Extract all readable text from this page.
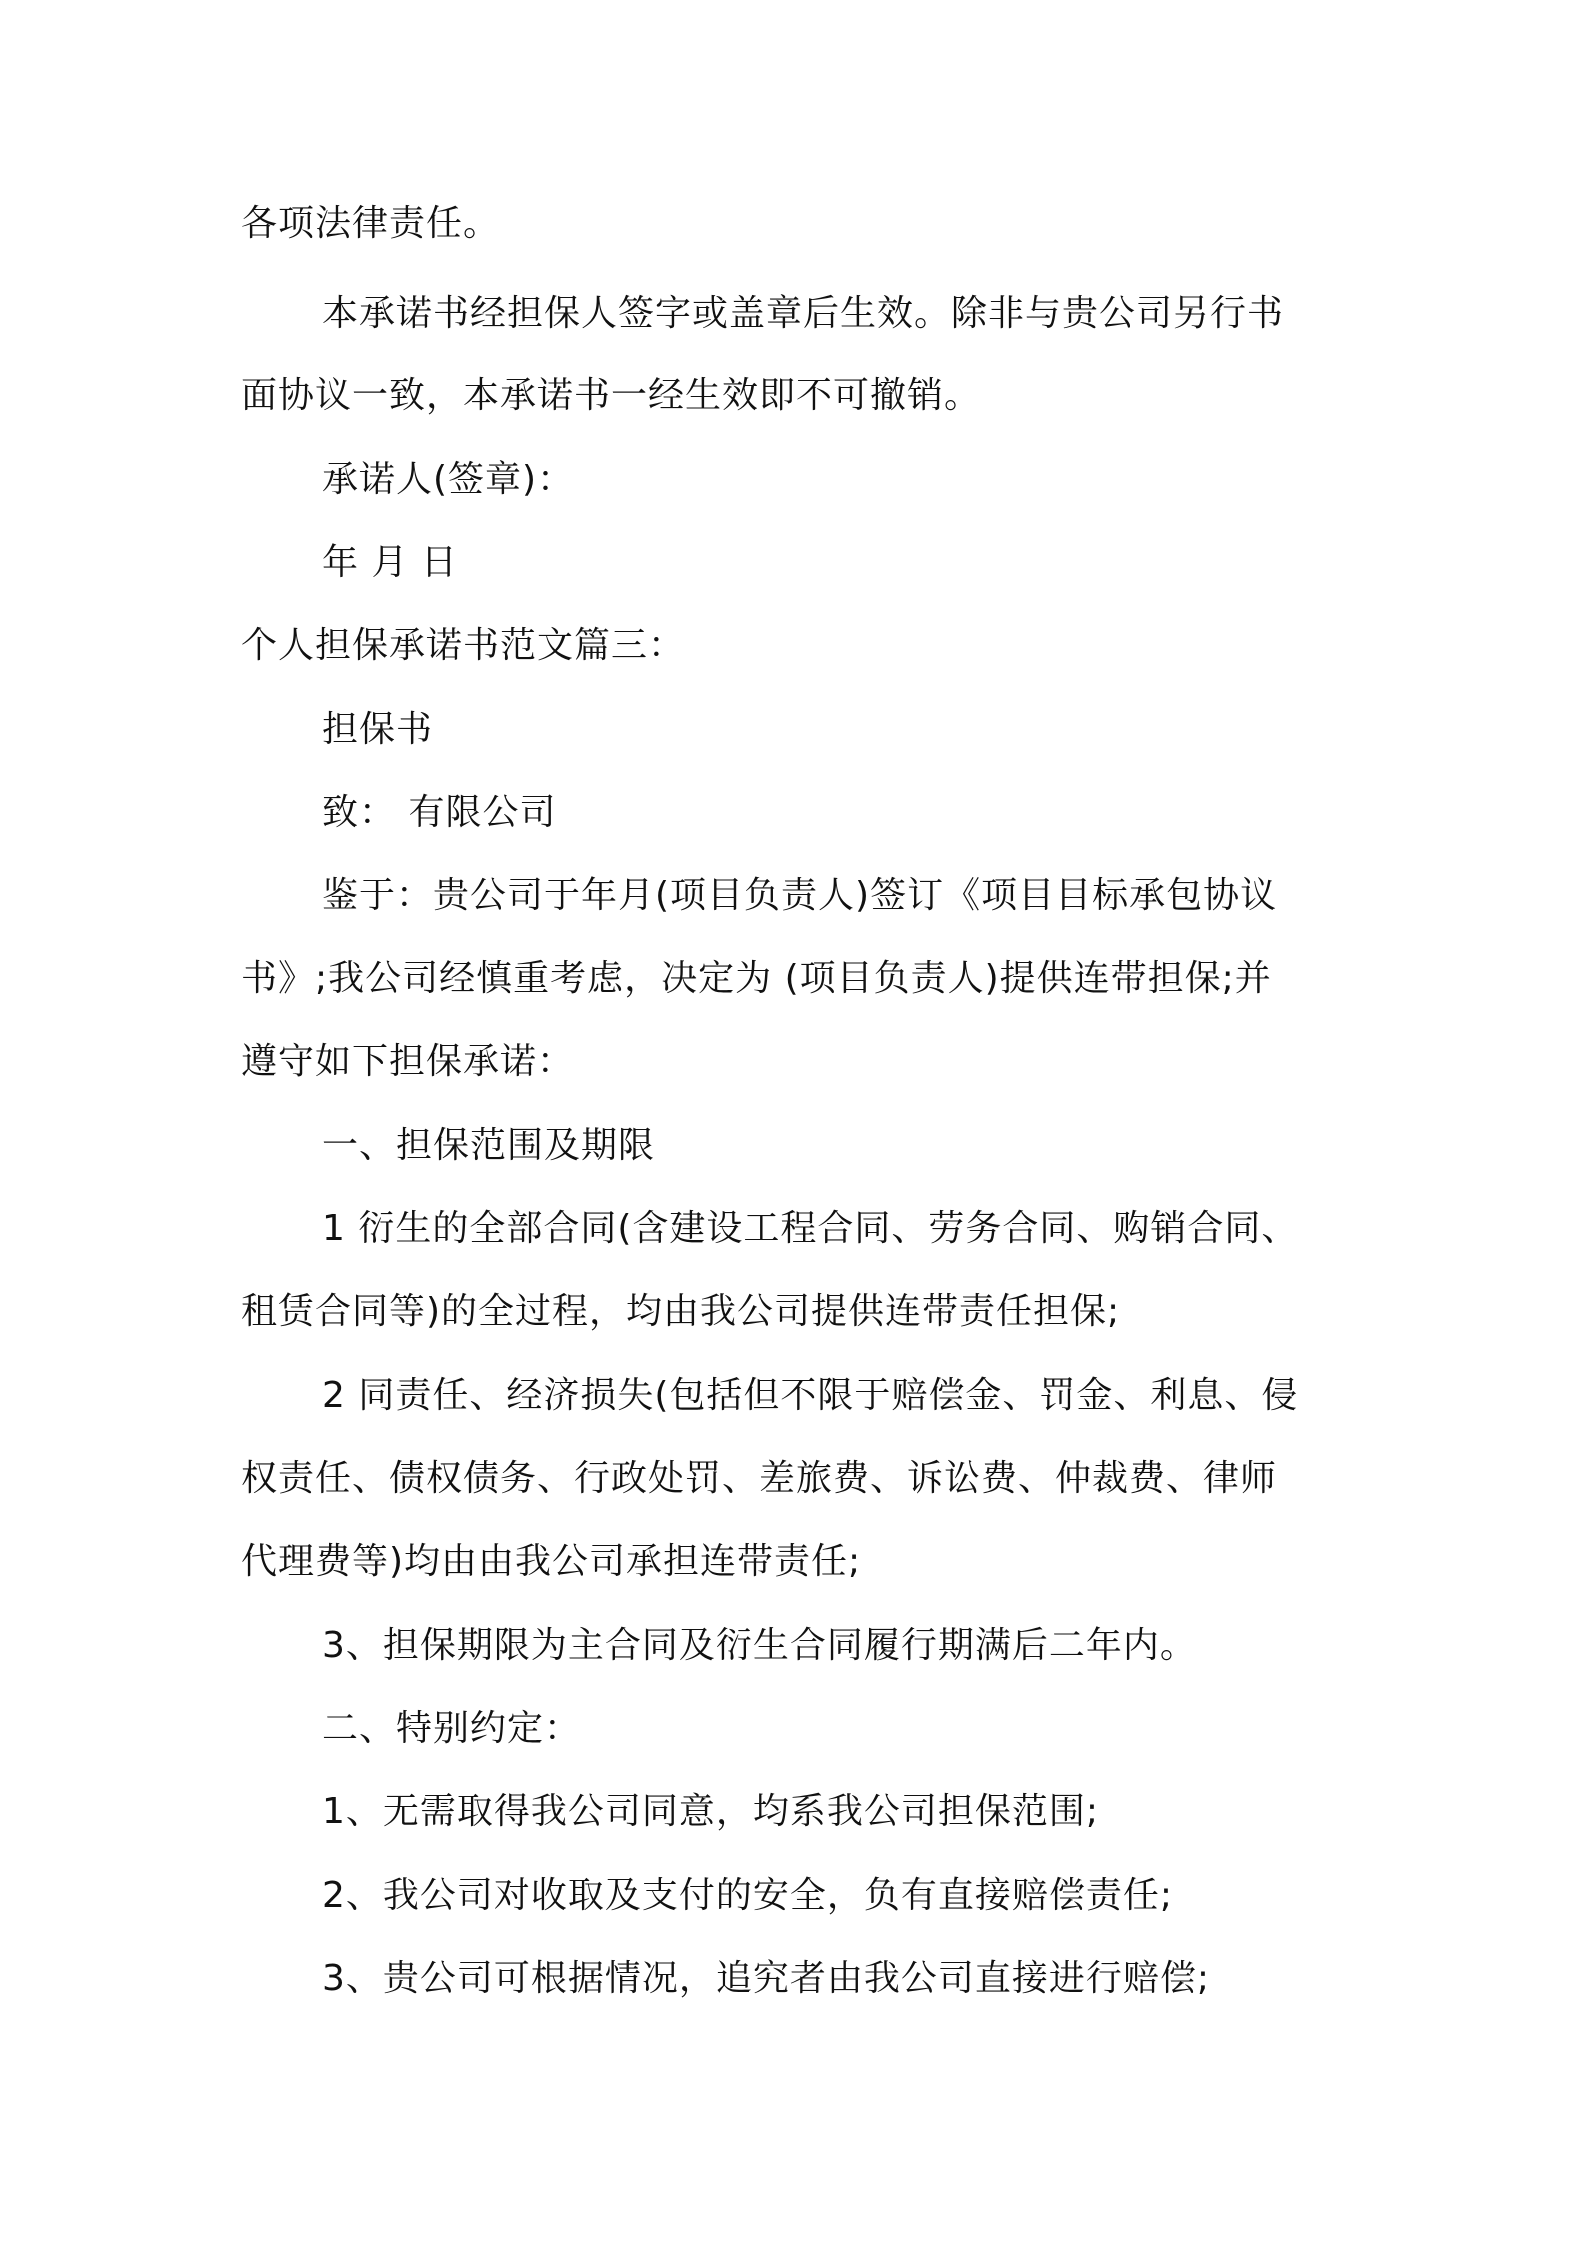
各项法律责任。
本承诺书经担保人签字或盖章后生效。除非与贵公司另行书
面协议一致，本承诺书一经生效即不可撤销。
承诺人(签章)：
年 月 日
个人担保承诺书范文篇三：
担保书
致： 有限公司
鉴于：贵公司于年月(项目负责人)签订《项目目标承包协议
书》;我公司经慎重考虑，决定为 (项目负责人)提供连带担保;并
遵守如下担保承诺：
一、担保范围及期限
1 衍生的全部合同(含建设工程合同、劳务合同、购销合同、
租赁合同等)的全过程，均由我公司提供连带责任担保;
2 同责任、经济损失(包括但不限于赔偿金、罚金、利息、侵
权责任、债权债务、行政处罚、差旅费、诉讼费、仲裁费、律师
代理费等)均由由我公司承担连带责任;
3、担保期限为主合同及衍生合同履行期满后二年内。
二、特别约定：
1、无需取得我公司同意，均系我公司担保范围;
2、我公司对收取及支付的安全，负有直接赔偿责任;
3、贵公司可根据情况，追究者由我公司直接进行赔偿;
